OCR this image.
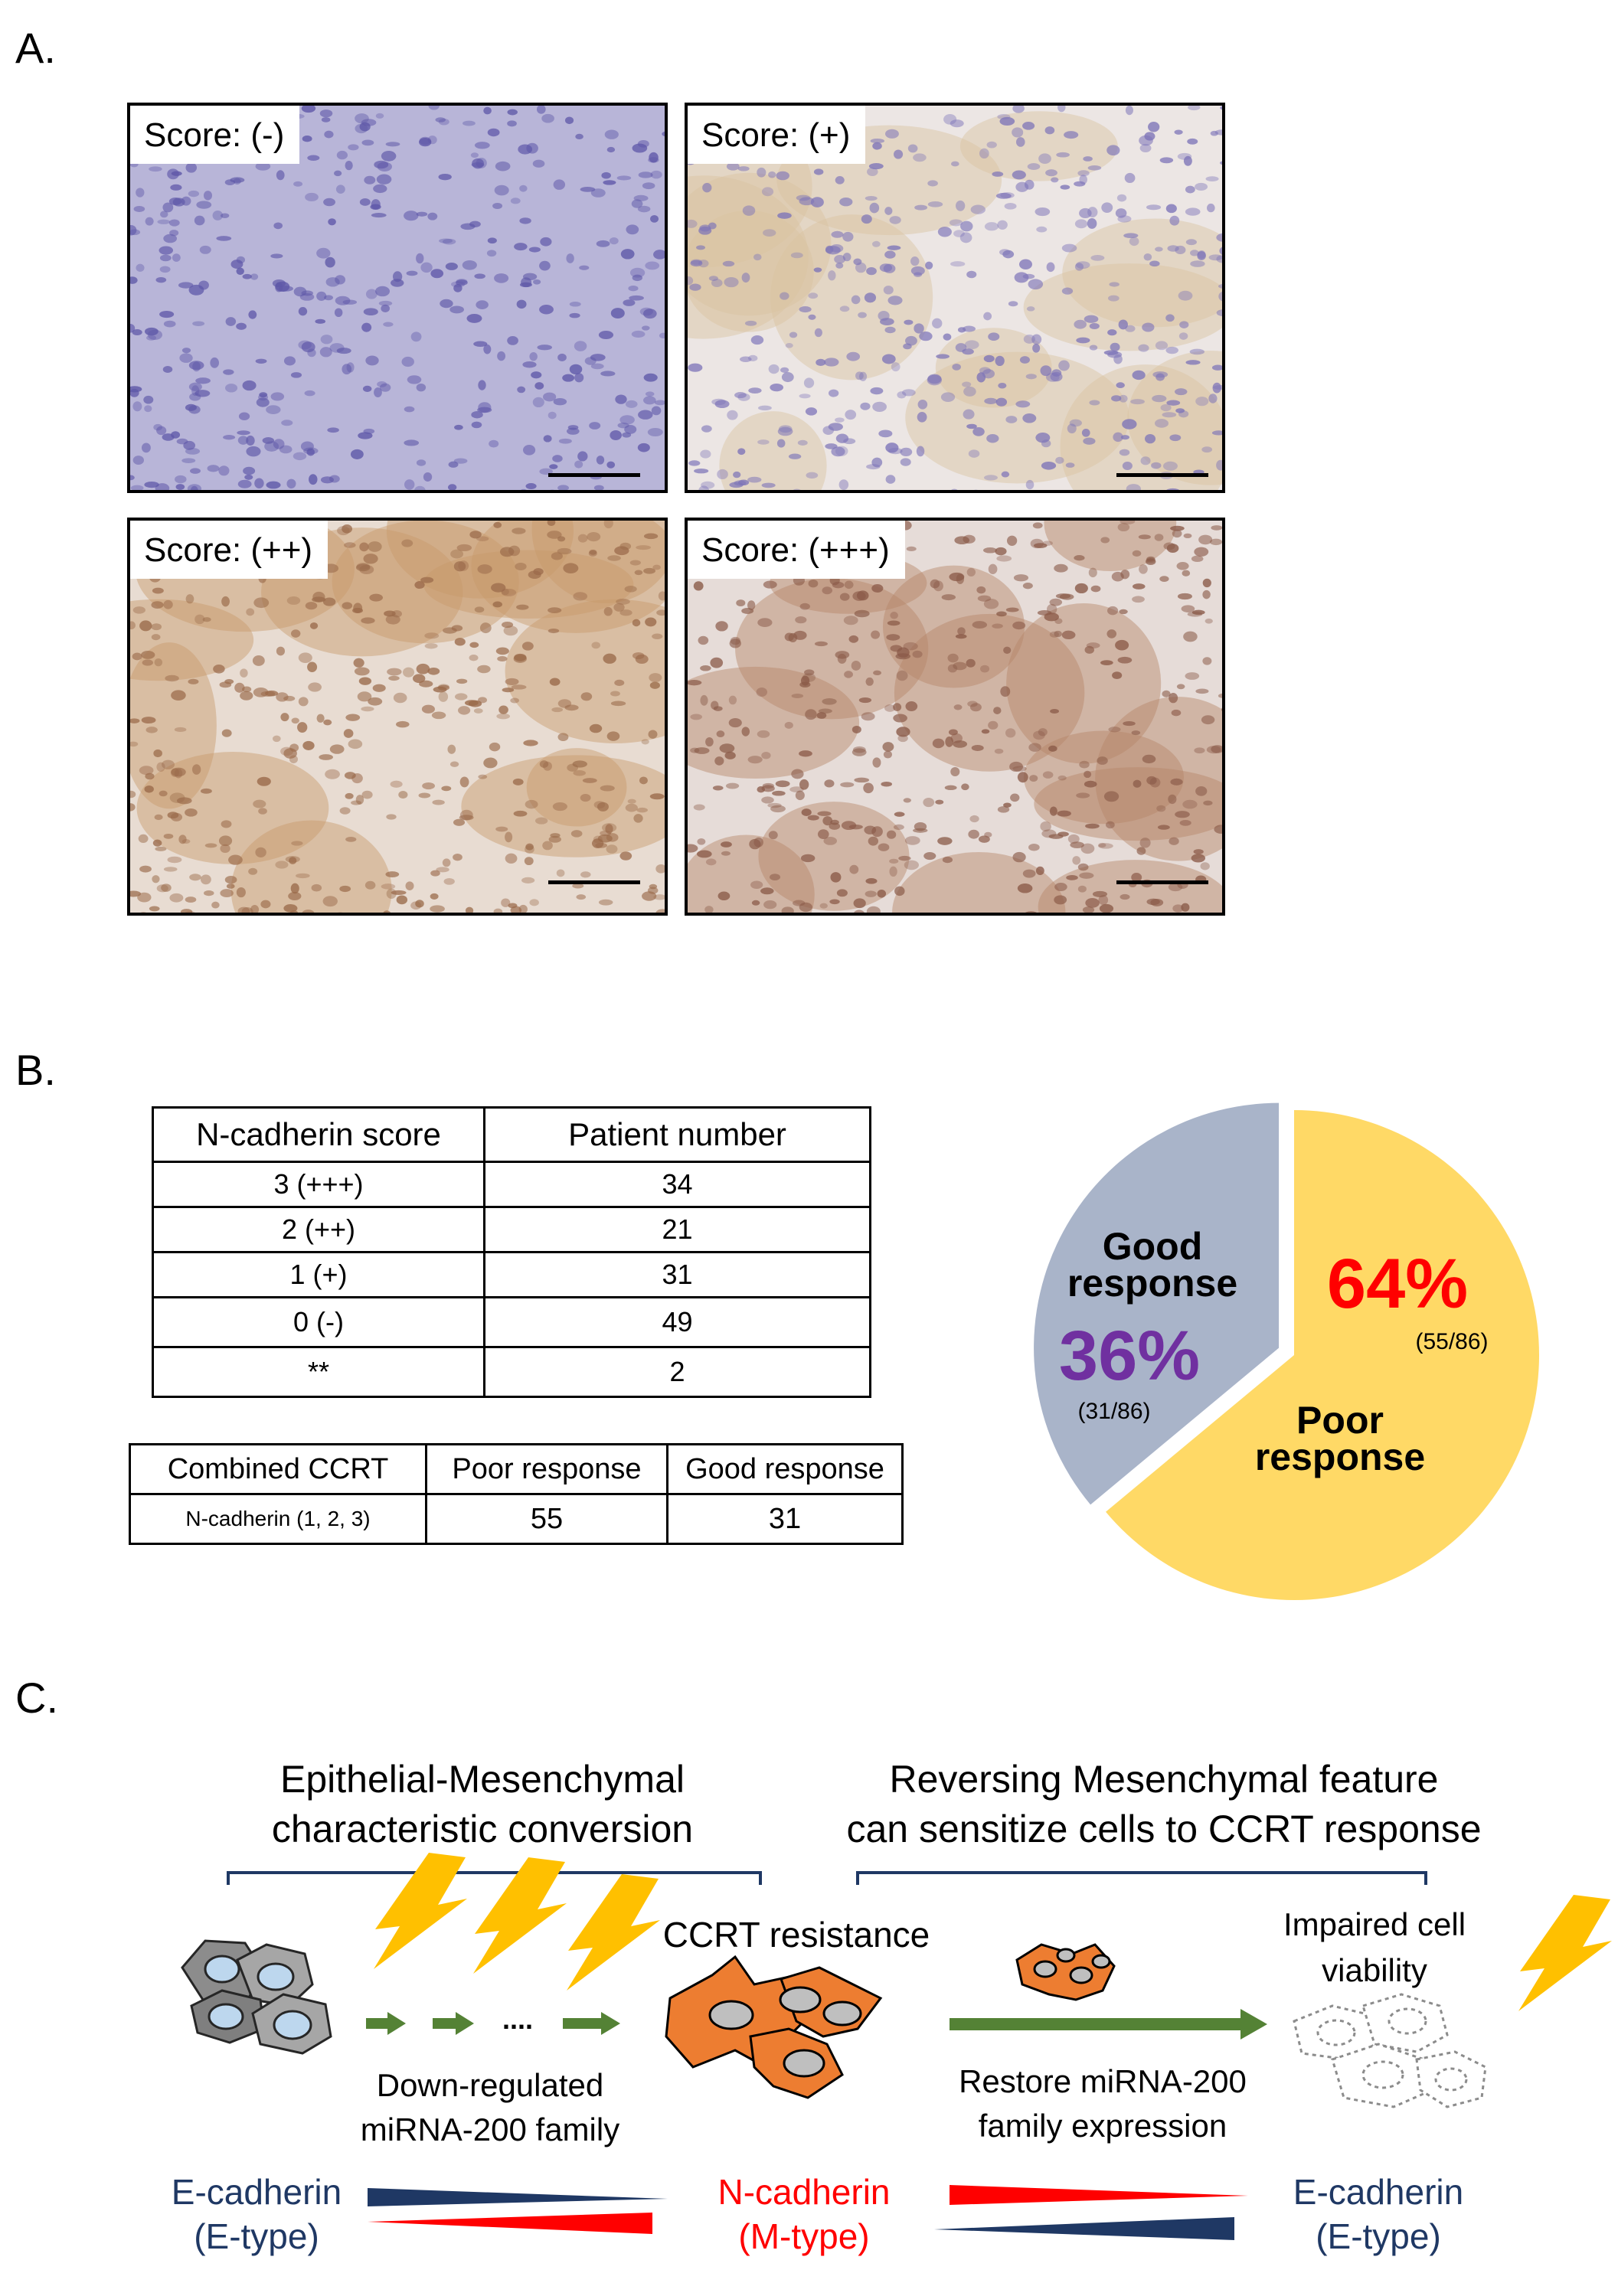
A.
Score: (-)	Score: (+)
Score: (++)	Score: (+++)
B.
N-cadherin score	Patient number
3 (+++)	34
2 (++)	21
1 (+)	31
0 (-)	49
**	2
Combined CCRT	Poor response	Good response
N-cadherin (1, 2, 3)	55	31
Good
response
36%
(31/86)
64%
(55/86)
Poor
response
C.
Epithelial-Mesenchymal
characteristic conversion
Reversing Mesenchymal feature
can sensitize cells to CCRT response
....
CCRT resistance	Impaired cell
viability
Down-regulated
miRNA-200 family
Restore miRNA-200
family expression
E-cadherin
(E-type)
N-cadherin
(M-type)
E-cadherin
(E-type)
